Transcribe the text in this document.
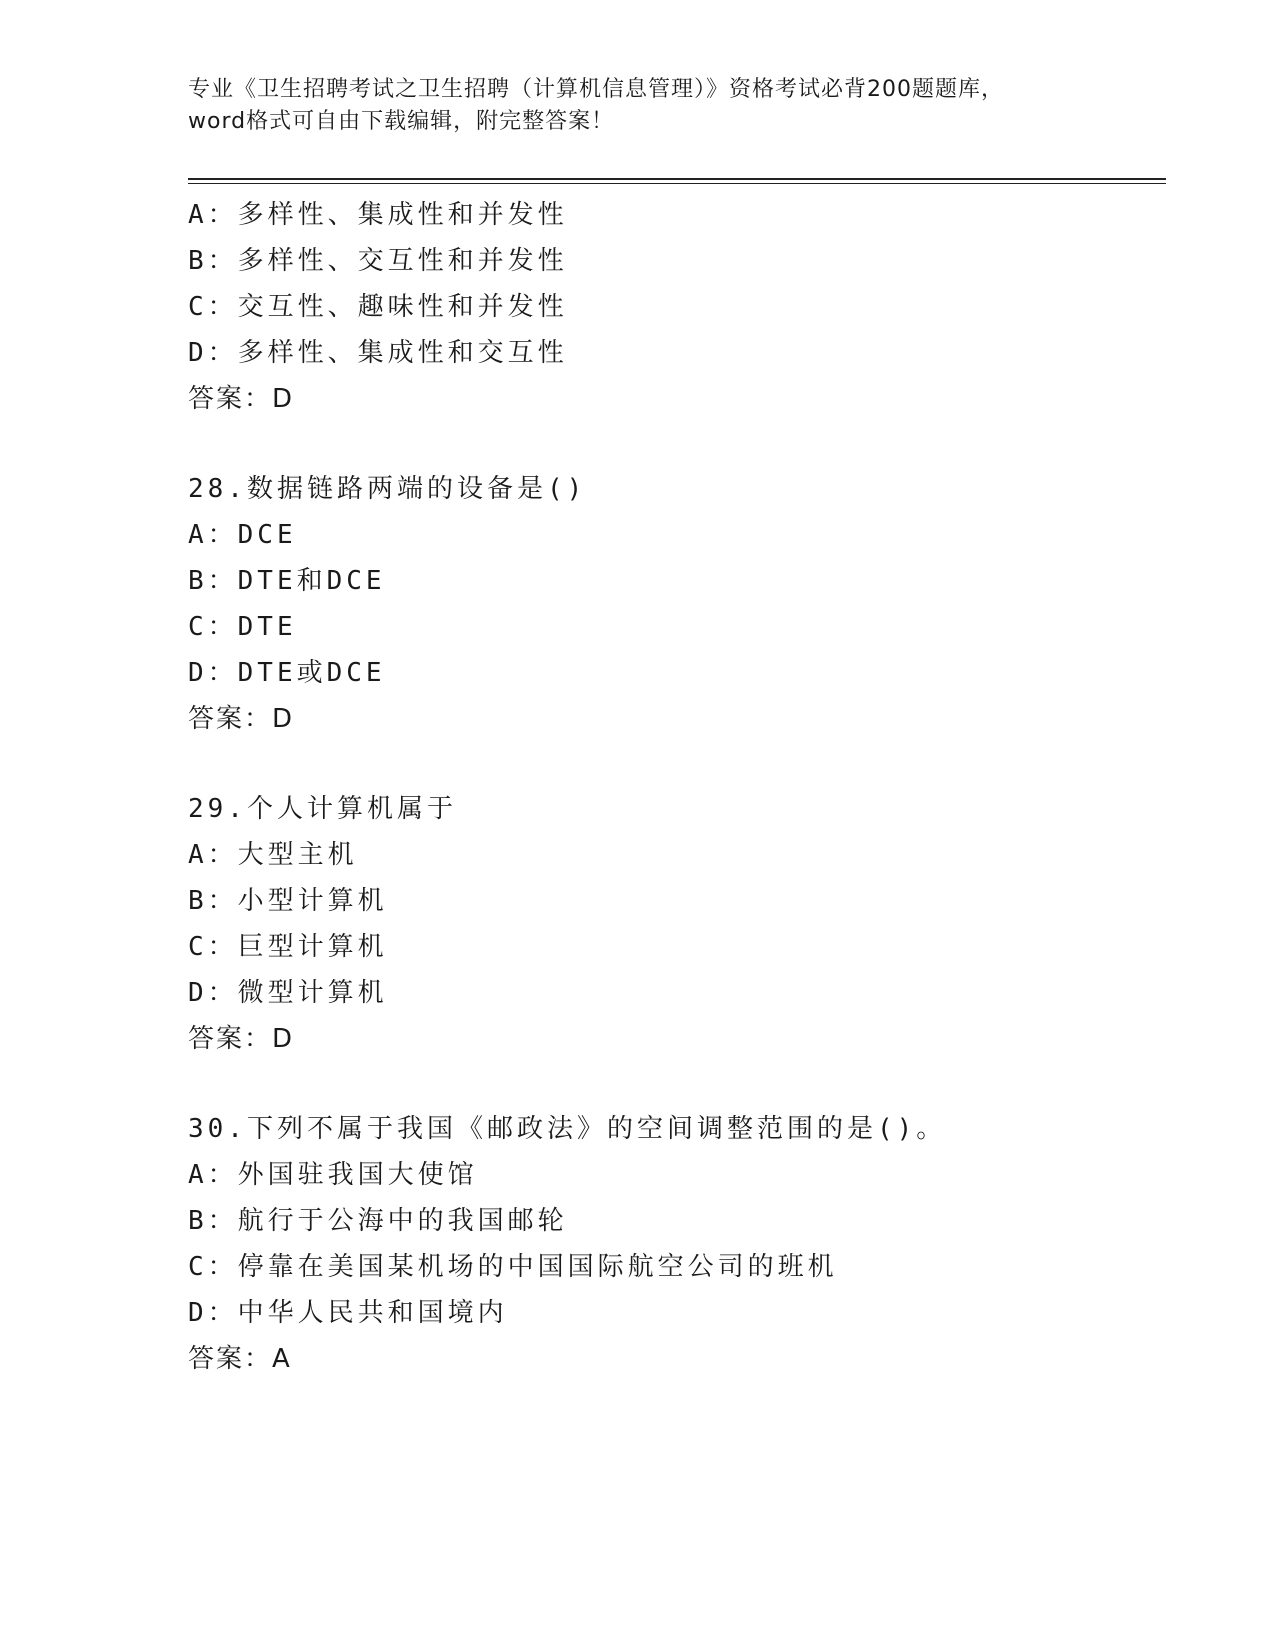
专业《卫生招聘考试之卫生招聘（计算机信息管理）》资格考试必背200题题库，
word格式可自由下载编辑，附完整答案！
A：多样性、集成性和并发性
B：多样性、交互性和并发性
C：交互性、趣味性和并发性
D：多样性、集成性和交互性
答案：D
28.数据链路两端的设备是()
A：DCE
B：DTE和DCE
C：DTE
D：DTE或DCE
答案：D
29.个人计算机属于
A：大型主机
B：小型计算机
C：巨型计算机
D：微型计算机
答案：D
30.下列不属于我国《邮政法》的空间调整范围的是()。
A：外国驻我国大使馆
B：航行于公海中的我国邮轮
C：停靠在美国某机场的中国国际航空公司的班机
D：中华人民共和国境内
答案：A
